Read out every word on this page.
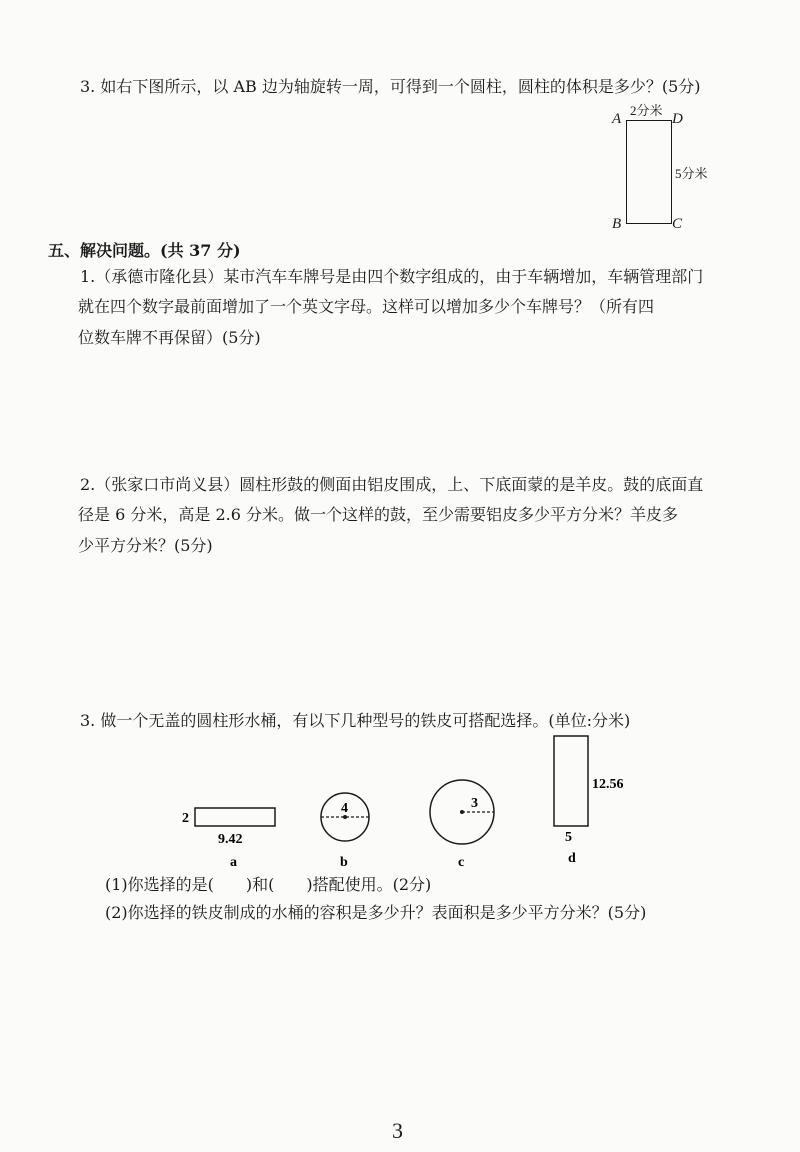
3. 如右下图所示，以 AB 边为轴旋转一周，可得到一个圆柱，圆柱的体积是多少？(5分)
A
2分米
D
5分米
B	C
五、解决问题。(共 37 分)
1.（承德市隆化县）某市汽车车牌号是由四个数字组成的，由于车辆增加，车辆管理部门
就在四个数字最前面增加了一个英文字母。这样可以增加多少个车牌号？（所有四
位数车牌不再保留）(5分)
2.（张家口市尚义县）圆柱形鼓的侧面由铝皮围成，上、下底面蒙的是羊皮。鼓的底面直
径是 6 分米，高是 2.6 分米。做一个这样的鼓，至少需要铝皮多少平方分米？羊皮多
少平方分米？(5分)
3. 做一个无盖的圆柱形水桶，有以下几种型号的铁皮可搭配选择。(单位:分米)
2
9.42
a
4
b
3
c
12.56
5
d
(1)你选择的是(　　)和(　　)搭配使用。(2分)
(2)你选择的铁皮制成的水桶的容积是多少升？表面积是多少平方分米？(5分)
3
